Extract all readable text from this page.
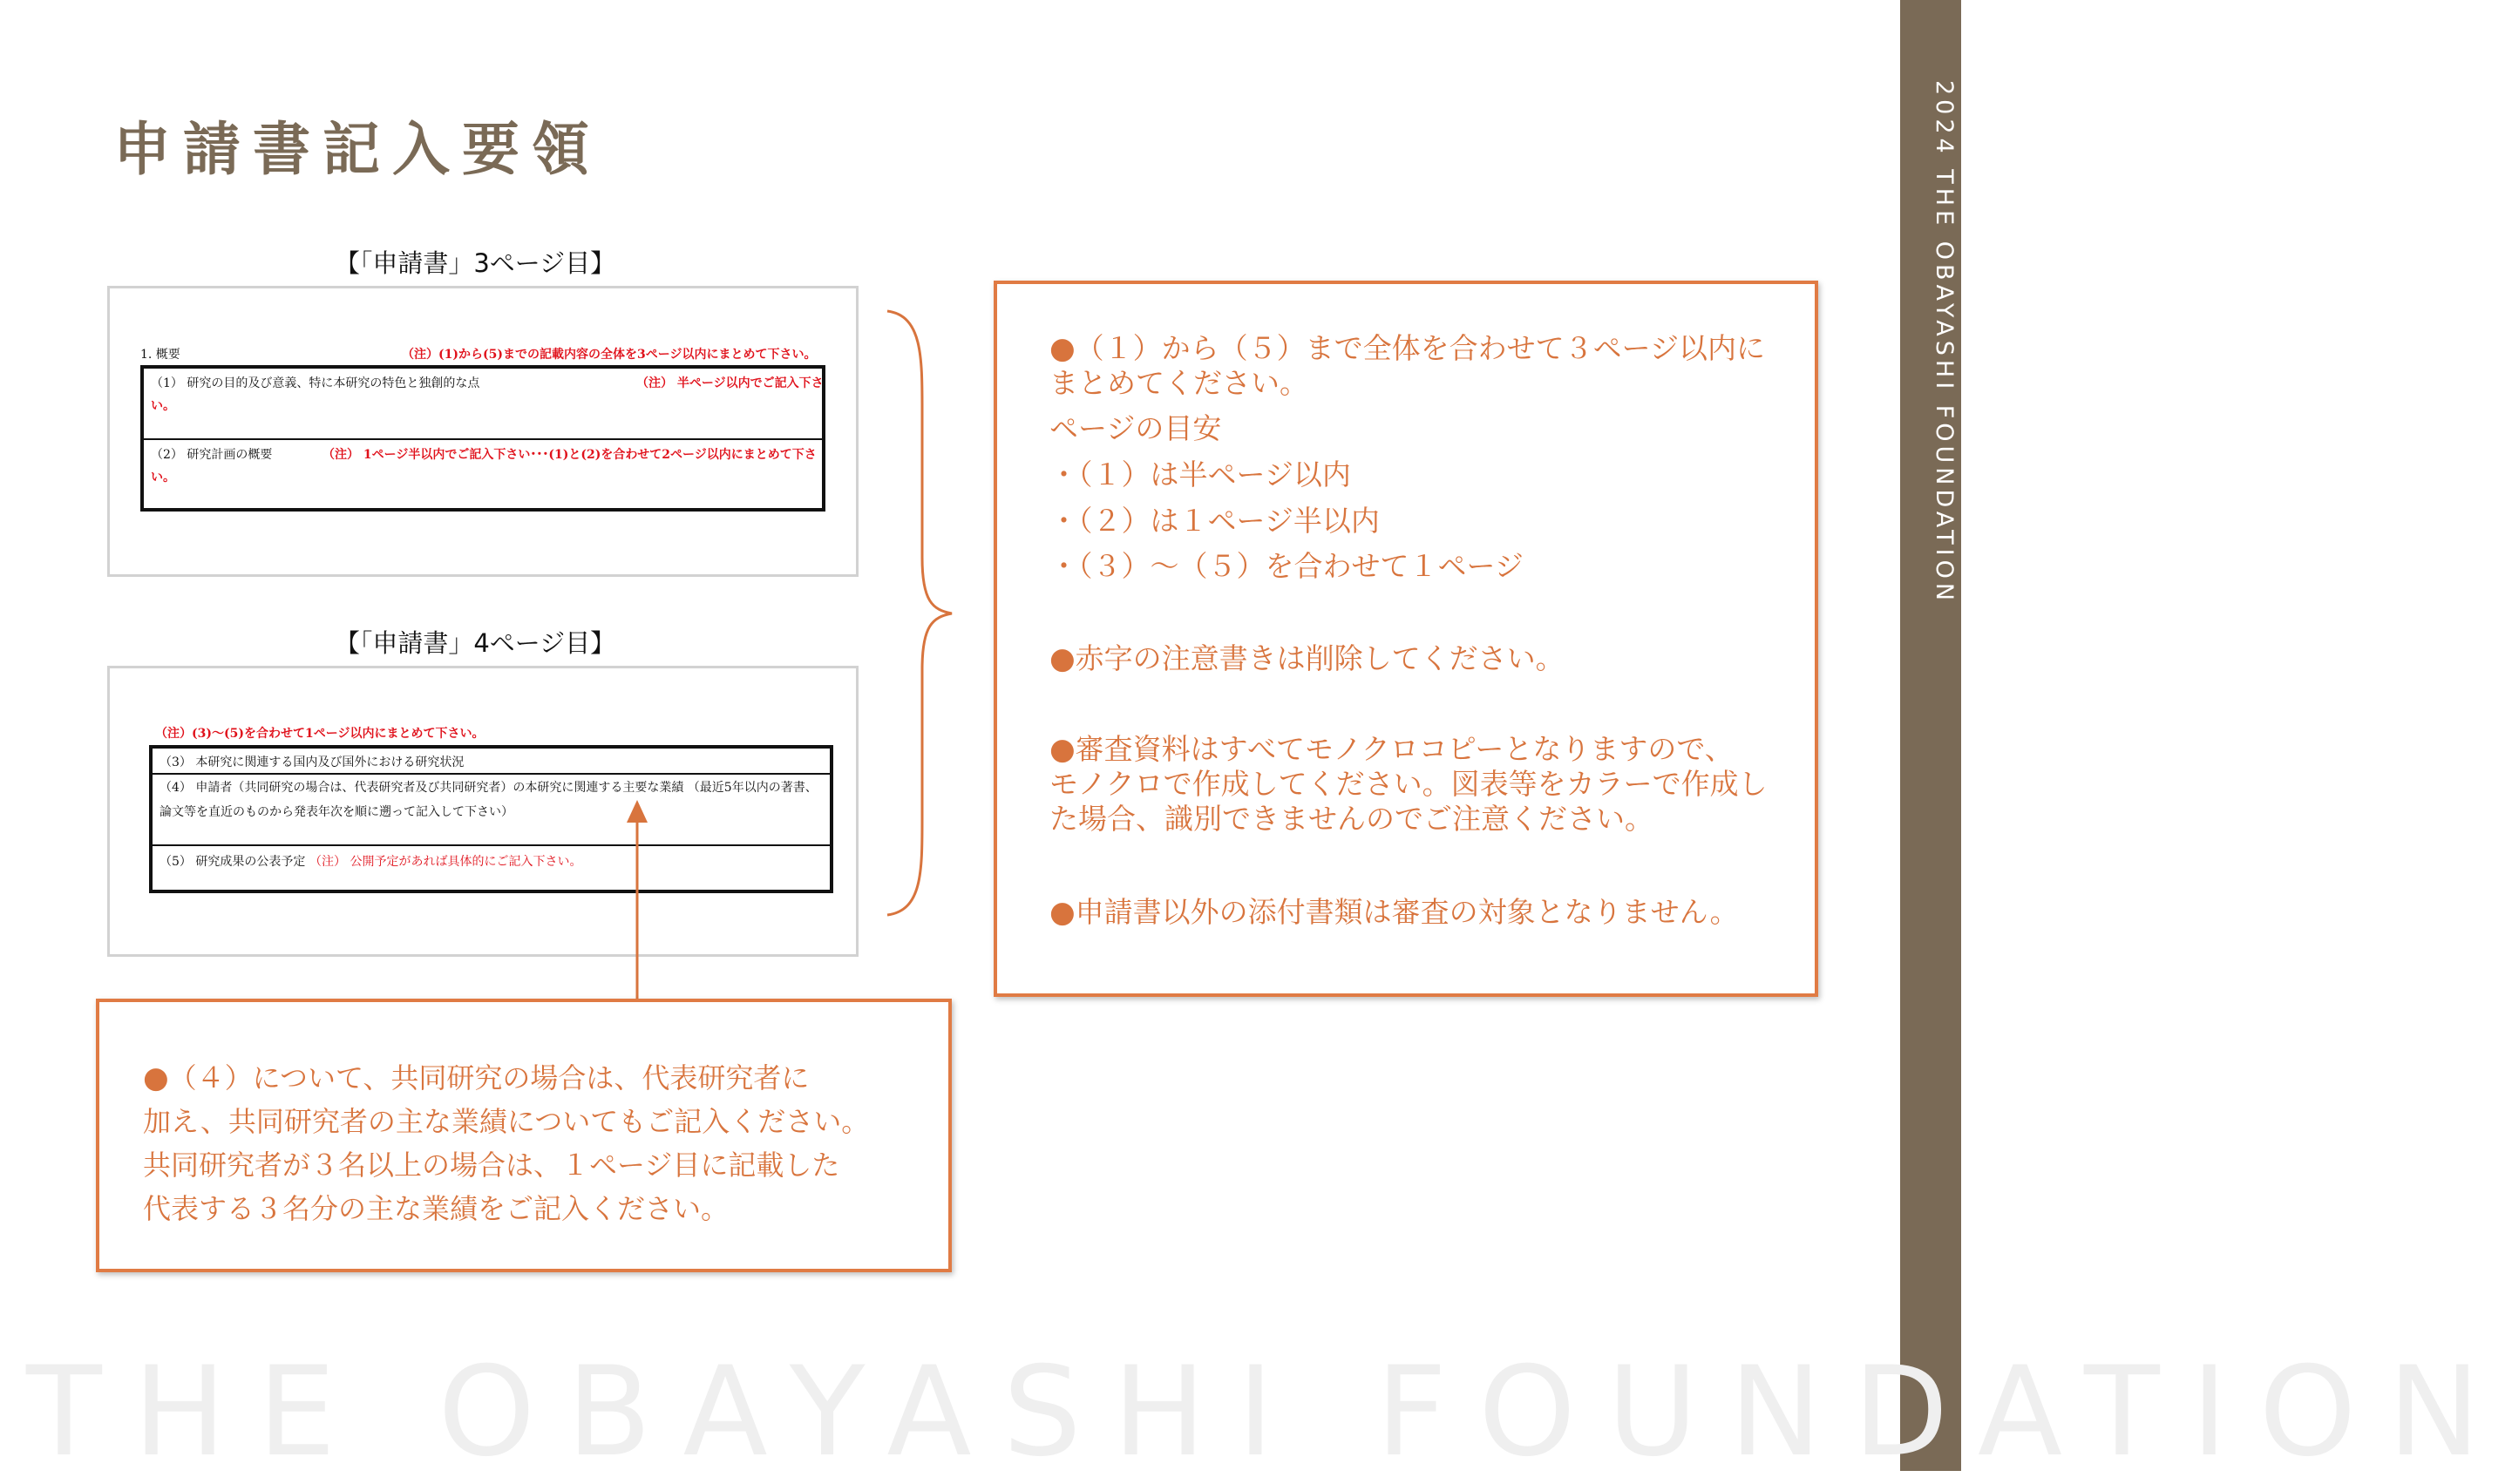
申請書記入要領	2024 THE OBAYASHI FOUNDATION
THE OBAYASHI FOUNDATION
【「申請書」3ページ目】
1. 概要	（注）(1)から(5)までの記載内容の全体を3ページ以内にまとめて下さい。
（1） 研究の目的及び意義、特に本研究の特色と独創的な点	（注） 半ページ以内でご記入下さ
い。
（2） 研究計画の概要	（注） 1ページ半以内でご記入下さい･･･(1)と(2)を合わせて2ページ以内にまとめて下さ
い。
【「申請書」4ページ目】
（注）(3)～(5)を合わせて1ページ以内にまとめて下さい。
（3） 本研究に関連する国内及び国外における研究状況
（4） 申請者（共同研究の場合は、代表研究者及び共同研究者）の本研究に関連する主要な業績 （最近5年以内の著書、
論文等を直近のものから発表年次を順に遡って記入して下さい）
（5） 研究成果の公表予定 （注） 公開予定があれば具体的にご記入下さい。
●（１）から（５）まで全体を合わせて３ページ以内に
まとめてください。
ページの目安
・（１）は半ページ以内
・（２）は１ページ半以内
・（３）～（５）を合わせて１ページ
●赤字の注意書きは削除してください。
●審査資料はすべてモノクロコピーとなりますので、
モノクロで作成してください。図表等をカラーで作成し
た場合、識別できませんのでご注意ください。
●申請書以外の添付書類は審査の対象となりません。
●（４）について、共同研究の場合は、代表研究者に
加え、共同研究者の主な業績についてもご記入ください。
共同研究者が３名以上の場合は、１ページ目に記載した
代表する３名分の主な業績をご記入ください。
